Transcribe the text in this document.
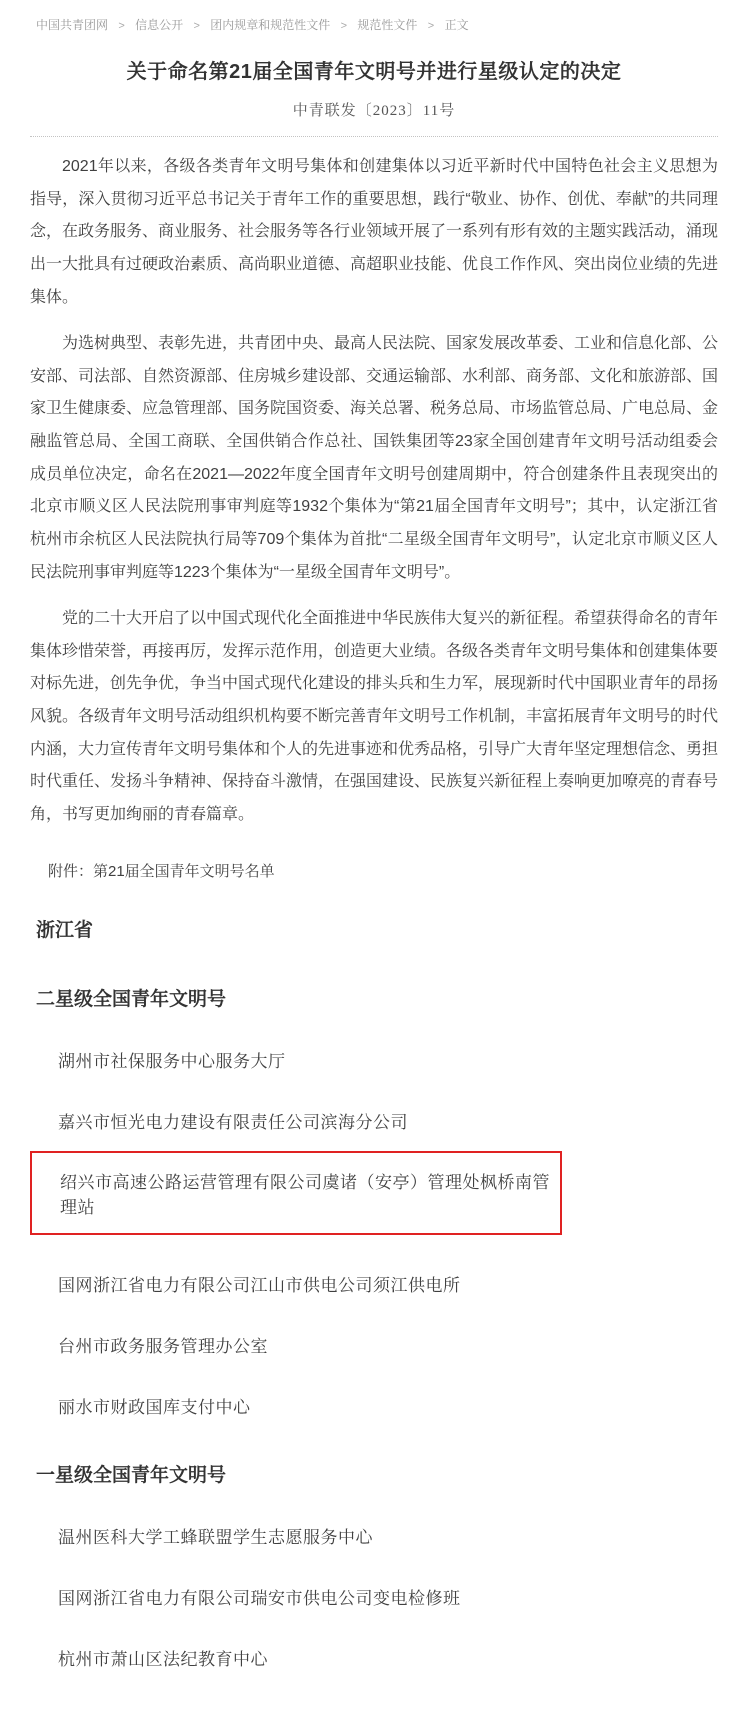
中国共青团网 > 信息公开 > 团内规章和规范性文件 > 规范性文件 > 正文
关于命名第21届全国青年文明号并进行星级认定的决定
中青联发〔2023〕11号

2021年以来，各级各类青年文明号集体和创建集体以习近平新时代中国特色社会主义思想为指导，深入贯彻习近平总书记关于青年工作的重要思想，践行“敬业、协作、创优、奉献”的共同理念，在政务服务、商业服务、社会服务等各行业领域开展了一系列有形有效的主题实践活动，涌现出一大批具有过硬政治素质、高尚职业道德、高超职业技能、优良工作作风、突出岗位业绩的先进集体。

为选树典型、表彰先进，共青团中央、最高人民法院、国家发展改革委、工业和信息化部、公安部、司法部、自然资源部、住房城乡建设部、交通运输部、水利部、商务部、文化和旅游部、国家卫生健康委、应急管理部、国务院国资委、海关总署、税务总局、市场监管总局、广电总局、金融监管总局、全国工商联、全国供销合作总社、国铁集团等23家全国创建青年文明号活动组委会成员单位决定，命名在2021—2022年度全国青年文明号创建周期中，符合创建条件且表现突出的北京市顺义区人民法院刑事审判庭等1932个集体为“第21届全国青年文明号”；其中，认定浙江省杭州市余杭区人民法院执行局等709个集体为首批“二星级全国青年文明号”，认定北京市顺义区人民法院刑事审判庭等1223个集体为“一星级全国青年文明号”。

党的二十大开启了以中国式现代化全面推进中华民族伟大复兴的新征程。希望获得命名的青年集体珍惜荣誉，再接再厉，发挥示范作用，创造更大业绩。各级各类青年文明号集体和创建集体要对标先进，创先争优，争当中国式现代化建设的排头兵和生力军，展现新时代中国职业青年的昂扬风貌。各级青年文明号活动组织机构要不断完善青年文明号工作机制，丰富拓展青年文明号的时代内涵，大力宣传青年文明号集体和个人的先进事迹和优秀品格，引导广大青年坚定理想信念、勇担时代重任、发扬斗争精神、保持奋斗激情，在强国建设、民族复兴新征程上奏响更加嘹亮的青春号角，书写更加绚丽的青春篇章。

附件：第21届全国青年文明号名单

浙江省
二星级全国青年文明号
湖州市社保服务中心服务大厅
嘉兴市恒光电力建设有限责任公司滨海分公司
绍兴市高速公路运营管理有限公司虞诸（安亭）管理处枫桥南管理站
国网浙江省电力有限公司江山市供电公司须江供电所
台州市政务服务管理办公室
丽水市财政国库支付中心
一星级全国青年文明号
温州医科大学工蜂联盟学生志愿服务中心
国网浙江省电力有限公司瑞安市供电公司变电检修班
杭州市萧山区法纪教育中心
